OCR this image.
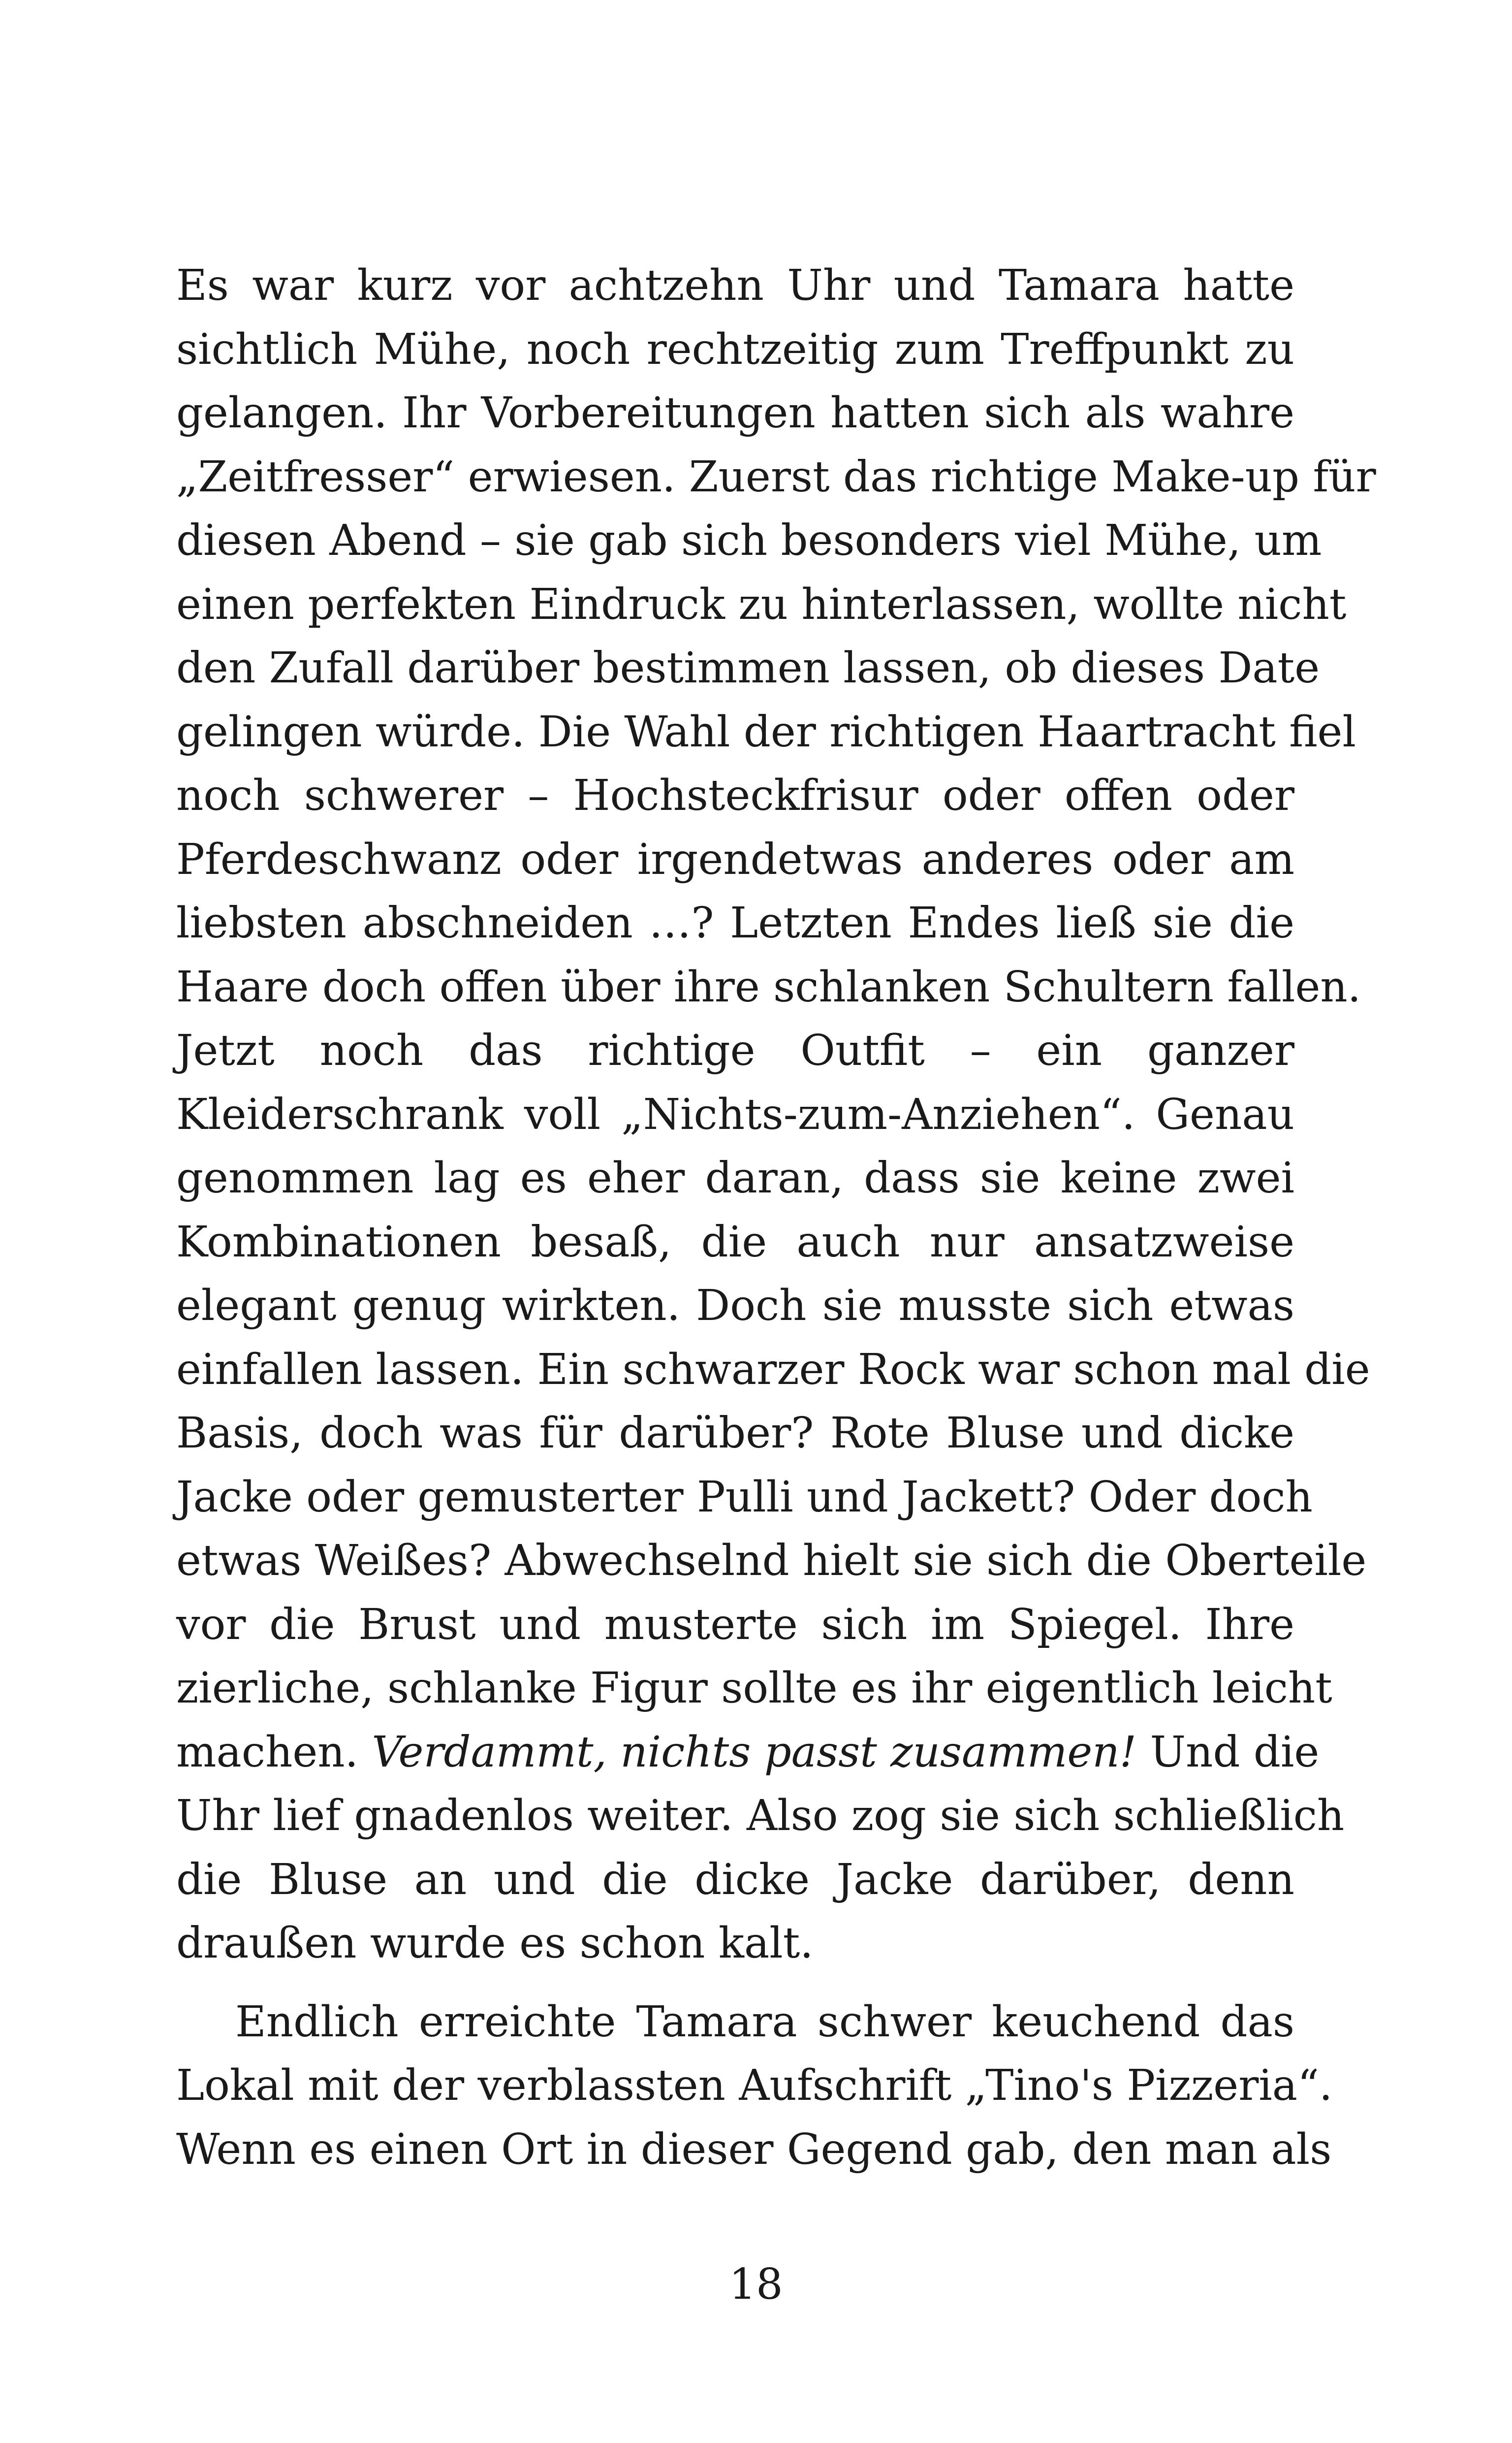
Es war kurz vor achtzehn Uhr und Tamara hatte
sichtlich Mühe, noch rechtzeitig zum Treffpunkt zu
gelangen. Ihr Vorbereitungen hatten sich als wahre
„Zeitfresser“ erwiesen. Zuerst das richtige Make-up für
diesen Abend – sie gab sich besonders viel Mühe, um
einen perfekten Eindruck zu hinterlassen, wollte nicht
den Zufall darüber bestimmen lassen, ob dieses Date
gelingen würde. Die Wahl der richtigen Haartracht fiel
noch schwerer – Hochsteckfrisur oder offen oder
Pferdeschwanz oder irgendetwas anderes oder am
liebsten abschneiden …? Letzten Endes ließ sie die
Haare doch offen über ihre schlanken Schultern fallen.
Jetzt noch das richtige Outfit – ein ganzer
Kleiderschrank voll „Nichts-zum-Anziehen“. Genau
genommen lag es eher daran, dass sie keine zwei
Kombinationen besaß, die auch nur ansatzweise
elegant genug wirkten. Doch sie musste sich etwas
einfallen lassen. Ein schwarzer Rock war schon mal die
Basis, doch was für darüber? Rote Bluse und dicke
Jacke oder gemusterter Pulli und Jackett? Oder doch
etwas Weißes? Abwechselnd hielt sie sich die Oberteile
vor die Brust und musterte sich im Spiegel. Ihre
zierliche, schlanke Figur sollte es ihr eigentlich leicht
machen. Verdammt, nichts passt zusammen! Und die
Uhr lief gnadenlos weiter. Also zog sie sich schließlich
die Bluse an und die dicke Jacke darüber, denn
draußen wurde es schon kalt.
Endlich erreichte Tamara schwer keuchend das
Lokal mit der verblassten Aufschrift „Tino's Pizzeria“.
Wenn es einen Ort in dieser Gegend gab, den man als
18
